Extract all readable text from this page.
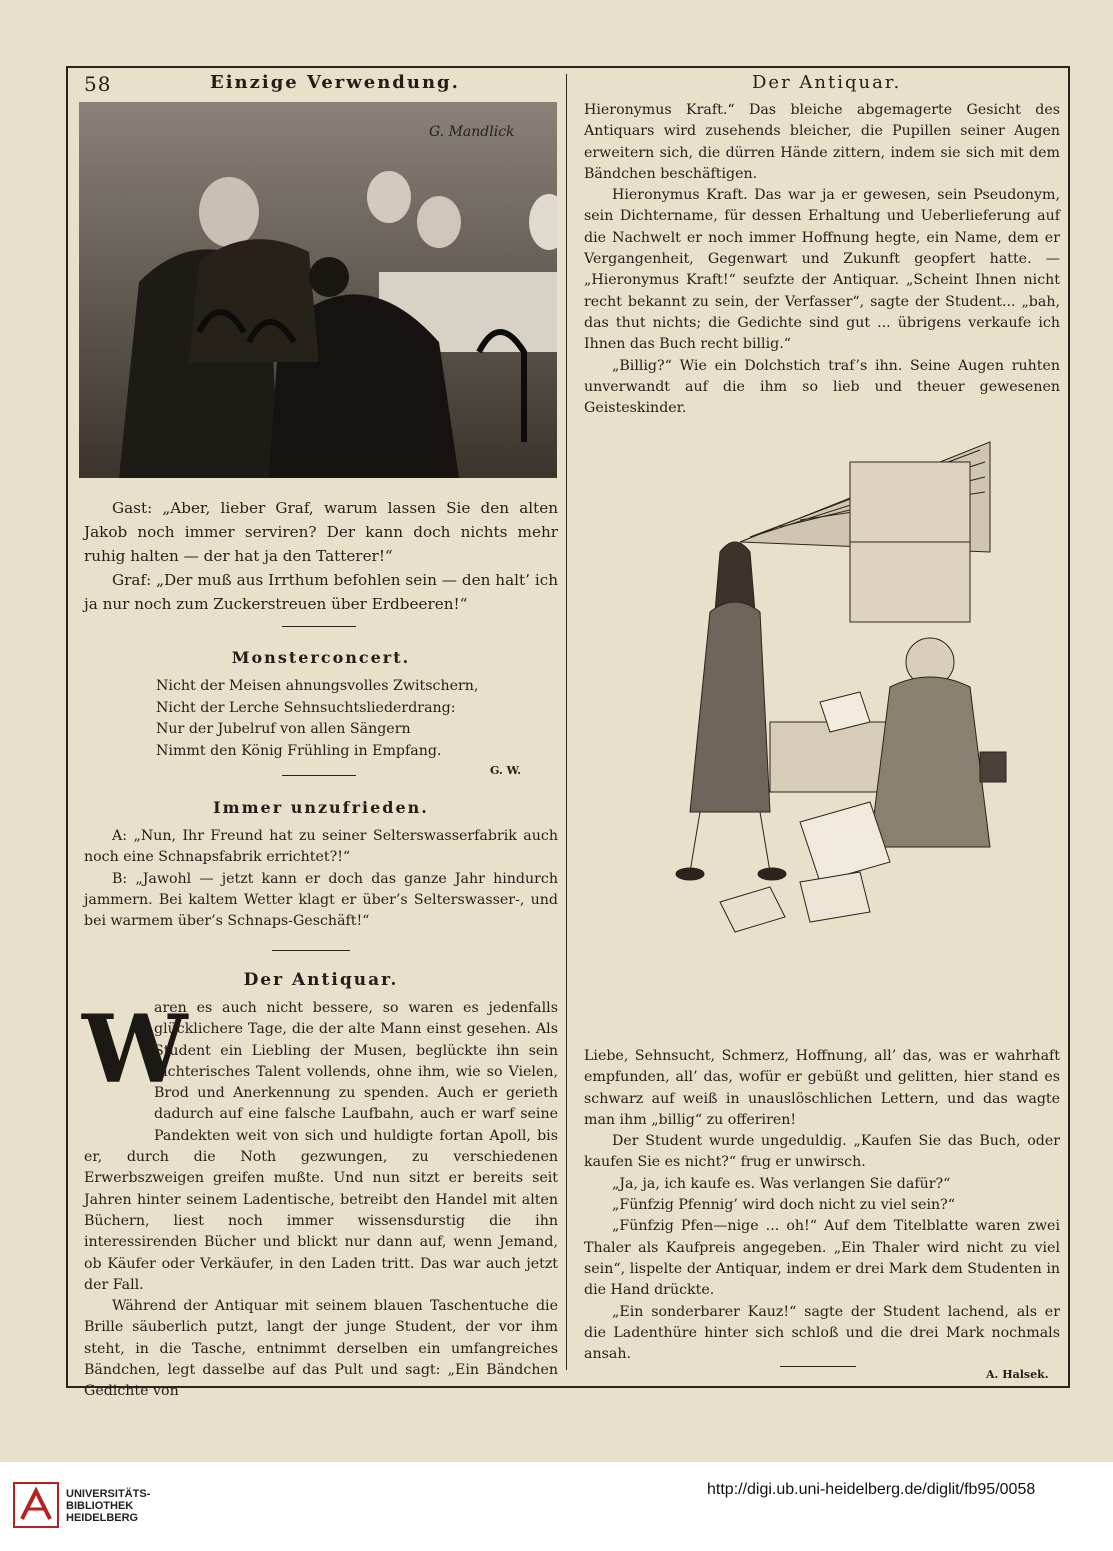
58	Einzige Verwendung.	Der Antiquar.
G. Mandlick

Gast: „Aber, lieber Graf, warum lassen Sie den alten Jakob noch immer serviren? Der kann doch nichts mehr ruhig halten — der hat ja den Tatterer!“

Graf: „Der muß aus Irrthum befohlen sein — den halt’ ich ja nur noch zum Zuckerstreuen über Erdbeeren!“

Monsterconcert.
Nicht der Meisen ahnungsvolles Zwitschern,
Nicht der Lerche Sehnsuchtsliederdrang:
Nur der Jubelruf von allen Sängern
Nimmt den König Frühling in Empfang.
G. W.
Immer unzufrieden.

A: „Nun, Ihr Freund hat zu seiner Selterswasserfabrik auch noch eine Schnapsfabrik errichtet?!“

B: „Jawohl — jetzt kann er doch das ganze Jahr hindurch jammern. Bei kaltem Wetter klagt er über’s Selterswasser-, und bei warmem über’s Schnaps-Geschäft!“

Der Antiquar.
W

aren es auch nicht bessere, so waren es jedenfalls glücklichere Tage, die der alte Mann einst gesehen. Als Student ein Liebling der Musen, beglückte ihn sein dichterisches Talent vollends, ohne ihm, wie so Vielen, Brod und Anerkennung zu spenden. Auch er gerieth dadurch auf eine falsche Laufbahn, auch er warf seine Pandekten weit von sich und huldigte fortan Apoll, bis er, durch die Noth gezwungen, zu verschiedenen Erwerbszweigen greifen mußte. Und nun sitzt er bereits seit Jahren hinter seinem Ladentische, betreibt den Handel mit alten Büchern, liest noch immer wissensdurstig die ihn interessirenden Bücher und blickt nur dann auf, wenn Jemand, ob Käufer oder Verkäufer, in den Laden tritt. Das war auch jetzt der Fall.

Während der Antiquar mit seinem blauen Taschentuche die Brille säuberlich putzt, langt der junge Student, der vor ihm steht, in die Tasche, entnimmt derselben ein umfangreiches Bändchen, legt dasselbe auf das Pult und sagt: „Ein Bändchen Gedichte von

Hieronymus Kraft.“ Das bleiche abgemagerte Gesicht des Antiquars wird zusehends bleicher, die Pupillen seiner Augen erweitern sich, die dürren Hände zittern, indem sie sich mit dem Bändchen beschäftigen.

Hieronymus Kraft. Das war ja er gewesen, sein Pseudonym, sein Dichtername, für dessen Erhaltung und Ueberlieferung auf die Nachwelt er noch immer Hoffnung hegte, ein Name, dem er Vergangenheit, Gegenwart und Zukunft geopfert hatte. — „Hieronymus Kraft!“ seufzte der Antiquar. „Scheint Ihnen nicht recht bekannt zu sein, der Verfasser“, sagte der Student... „bah, das thut nichts; die Gedichte sind gut ... übrigens verkaufe ich Ihnen das Buch recht billig.“

„Billig?“ Wie ein Dolchstich traf’s ihn. Seine Augen ruhten unverwandt auf die ihm so lieb und theuer gewesenen Geisteskinder.

Liebe, Sehnsucht, Schmerz, Hoffnung, all’ das, was er wahrhaft empfunden, all’ das, wofür er gebüßt und gelitten, hier stand es schwarz auf weiß in unauslöschlichen Lettern, und das wagte man ihm „billig“ zu offeriren!

Der Student wurde ungeduldig. „Kaufen Sie das Buch, oder kaufen Sie es nicht?“ frug er unwirsch.

„Ja, ja, ich kaufe es. Was verlangen Sie dafür?“

„Fünfzig Pfennig’ wird doch nicht zu viel sein?“

„Fünfzig Pfen—nige ... oh!“ Auf dem Titelblatte waren zwei Thaler als Kaufpreis angegeben. „Ein Thaler wird nicht zu viel sein“, lispelte der Antiquar, indem er drei Mark dem Studenten in die Hand drückte.

„Ein sonderbarer Kauz!“ sagte der Student lachend, als er die Ladenthüre hinter sich schloß und die drei Mark nochmals ansah.

A. Halsek.
UNIVERSITÄTS-
BIBLIOTHEK
HEIDELBERG
http://digi.ub.uni-heidelberg.de/diglit/fb95/0058
